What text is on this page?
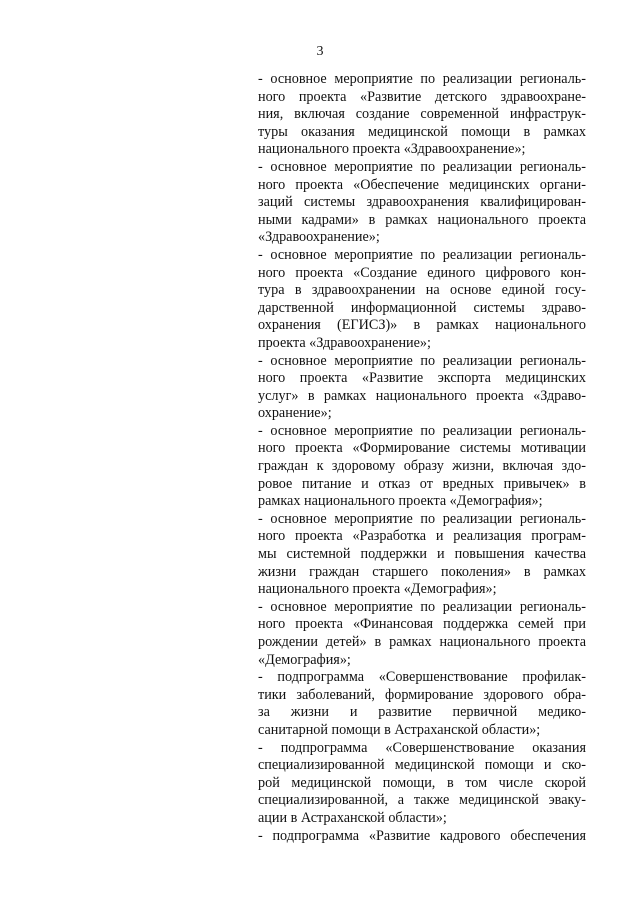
3

- основное мероприятие по реализации региональ-
ного проекта «Развитие детского здравоохране-
ния, включая создание современной инфраструк-
туры оказания медицинской помощи в рамках
национального проекта «Здравоохранение»;

- основное мероприятие по реализации региональ-
ного проекта «Обеспечение медицинских органи-
заций системы здравоохранения квалифицирован-
ными кадрами» в рамках национального проекта
«Здравоохранение»;

- основное мероприятие по реализации региональ-
ного проекта «Создание единого цифрового кон-
тура в здравоохранении на основе единой госу-
дарственной информационной системы здраво-
охранения (ЕГИСЗ)» в рамках национального
проекта «Здравоохранение»;

- основное мероприятие по реализации региональ-
ного проекта «Развитие экспорта медицинских
услуг» в рамках национального проекта «Здраво-
охранение»;

- основное мероприятие по реализации региональ-
ного проекта «Формирование системы мотивации
граждан к здоровому образу жизни, включая здо-
ровое питание и отказ от вредных привычек» в
рамках национального проекта «Демография»;

- основное мероприятие по реализации региональ-
ного проекта «Разработка и реализация програм-
мы системной поддержки и повышения качества
жизни граждан старшего поколения» в рамках
национального проекта «Демография»;

- основное мероприятие по реализации региональ-
ного проекта «Финансовая поддержка семей при
рождении детей» в рамках национального проекта
«Демография»;

- подпрограмма «Совершенствование профилак-
тики заболеваний, формирование здорового обра-
за жизни и развитие первичной медико-
санитарной помощи в Астраханской области»;

- подпрограмма «Совершенствование оказания
специализированной медицинской помощи и ско-
рой медицинской помощи, в том числе скорой
специализированной, а также медицинской эваку-
ации в Астраханской области»;

- подпрограмма «Развитие кадрового обеспечения
